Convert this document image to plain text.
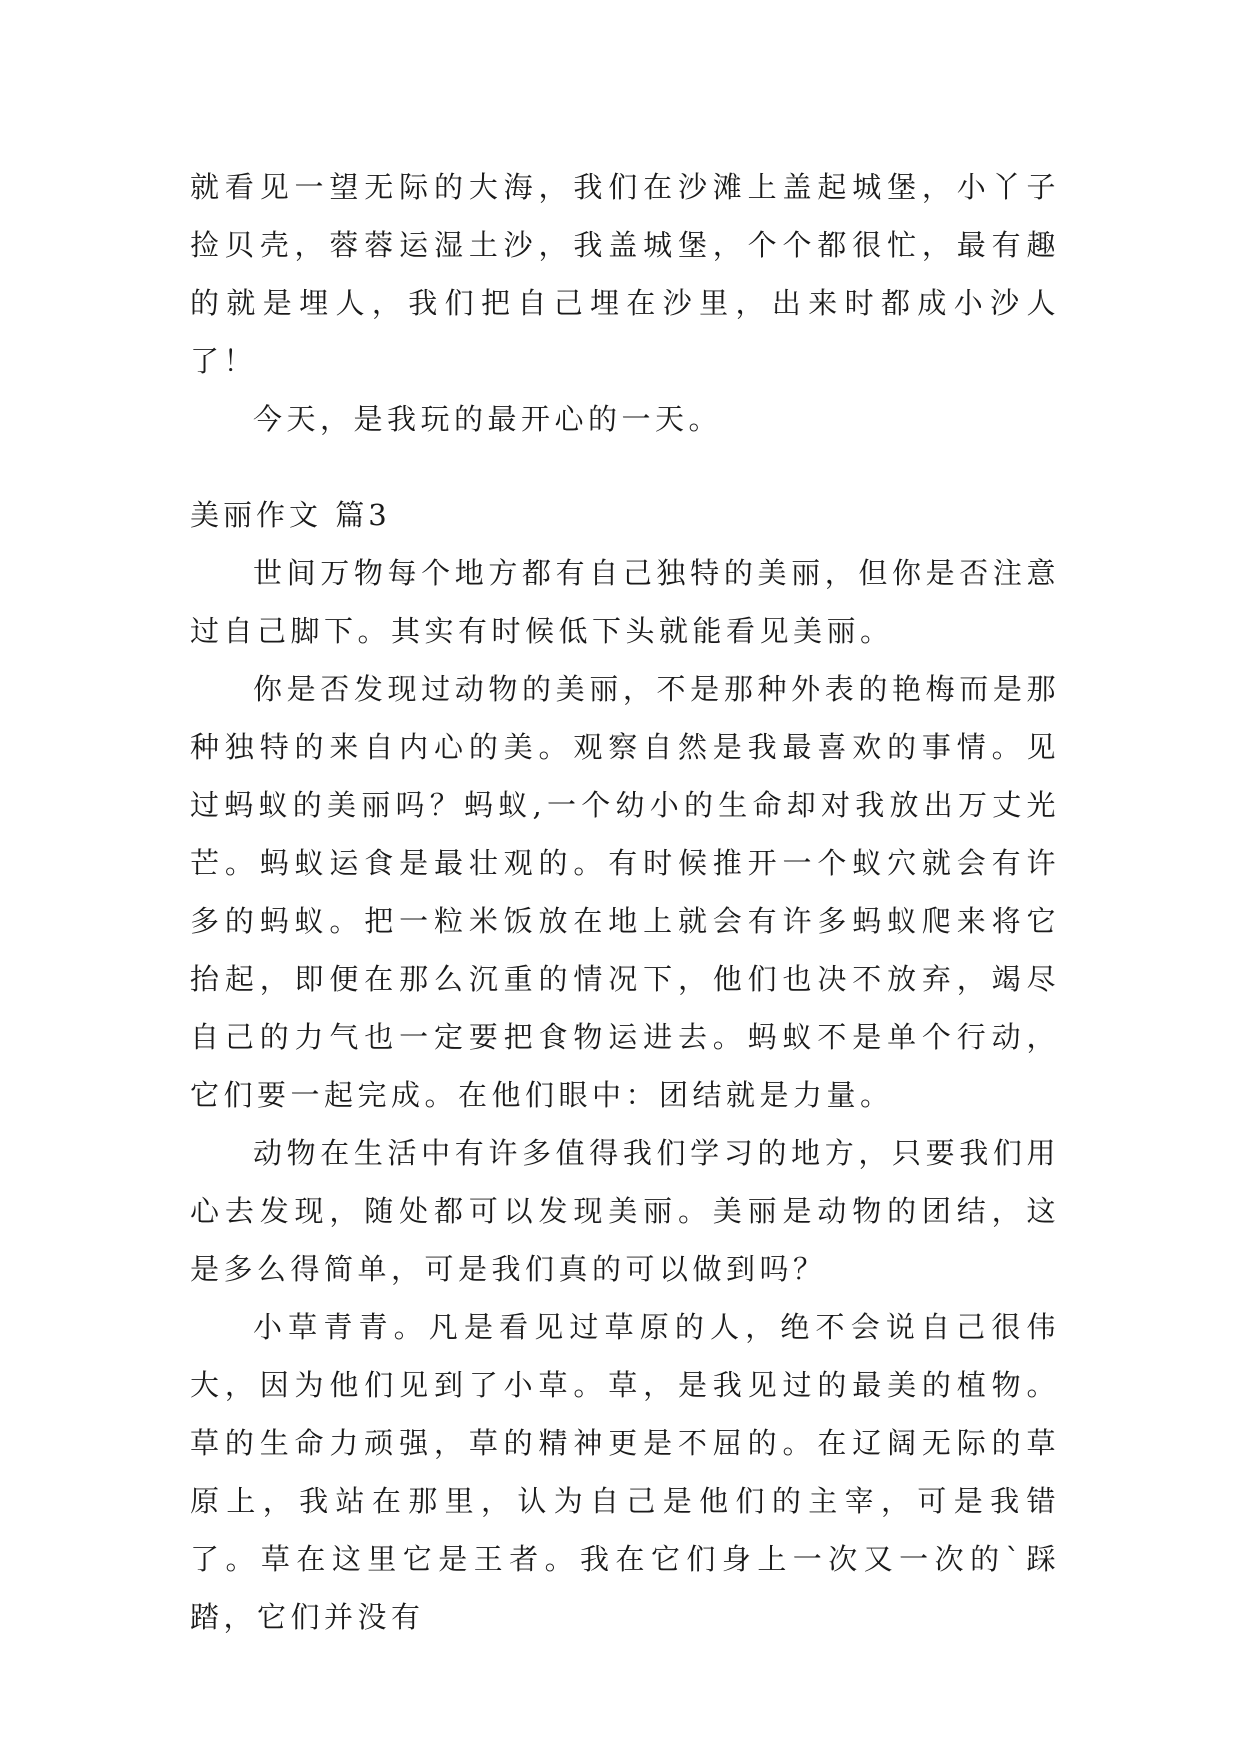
就看见一望无际的大海，我们在沙滩上盖起城堡，小丫子捡贝壳，蓉蓉运湿土沙，我盖城堡，个个都很忙，最有趣的就是埋人，我们把自己埋在沙里，出来时都成小沙人了！

今天，是我玩的最开心的一天。

美丽作文 篇3

世间万物每个地方都有自己独特的美丽，但你是否注意过自己脚下。其实有时候低下头就能看见美丽。

你是否发现过动物的美丽，不是那种外表的艳梅而是那种独特的来自内心的美。观察自然是我最喜欢的事情。见过蚂蚁的美丽吗？蚂蚁,一个幼小的生命却对我放出万丈光芒。蚂蚁运食是最壮观的。有时候推开一个蚁穴就会有许多的蚂蚁。把一粒米饭放在地上就会有许多蚂蚁爬来将它抬起，即便在那么沉重的情况下，他们也决不放弃，竭尽自己的力气也一定要把食物运进去。蚂蚁不是单个行动，它们要一起完成。在他们眼中：团结就是力量。

动物在生活中有许多值得我们学习的地方，只要我们用心去发现，随处都可以发现美丽。美丽是动物的团结，这是多么得简单，可是我们真的可以做到吗？

小草青青。凡是看见过草原的人，绝不会说自己很伟大，因为他们见到了小草。草，是我见过的最美的植物。草的生命力顽强，草的精神更是不屈的。在辽阔无际的草原上，我站在那里，认为自己是他们的主宰，可是我错了。草在这里它是王者。我在它们身上一次又一次的`踩踏，它们并没有
